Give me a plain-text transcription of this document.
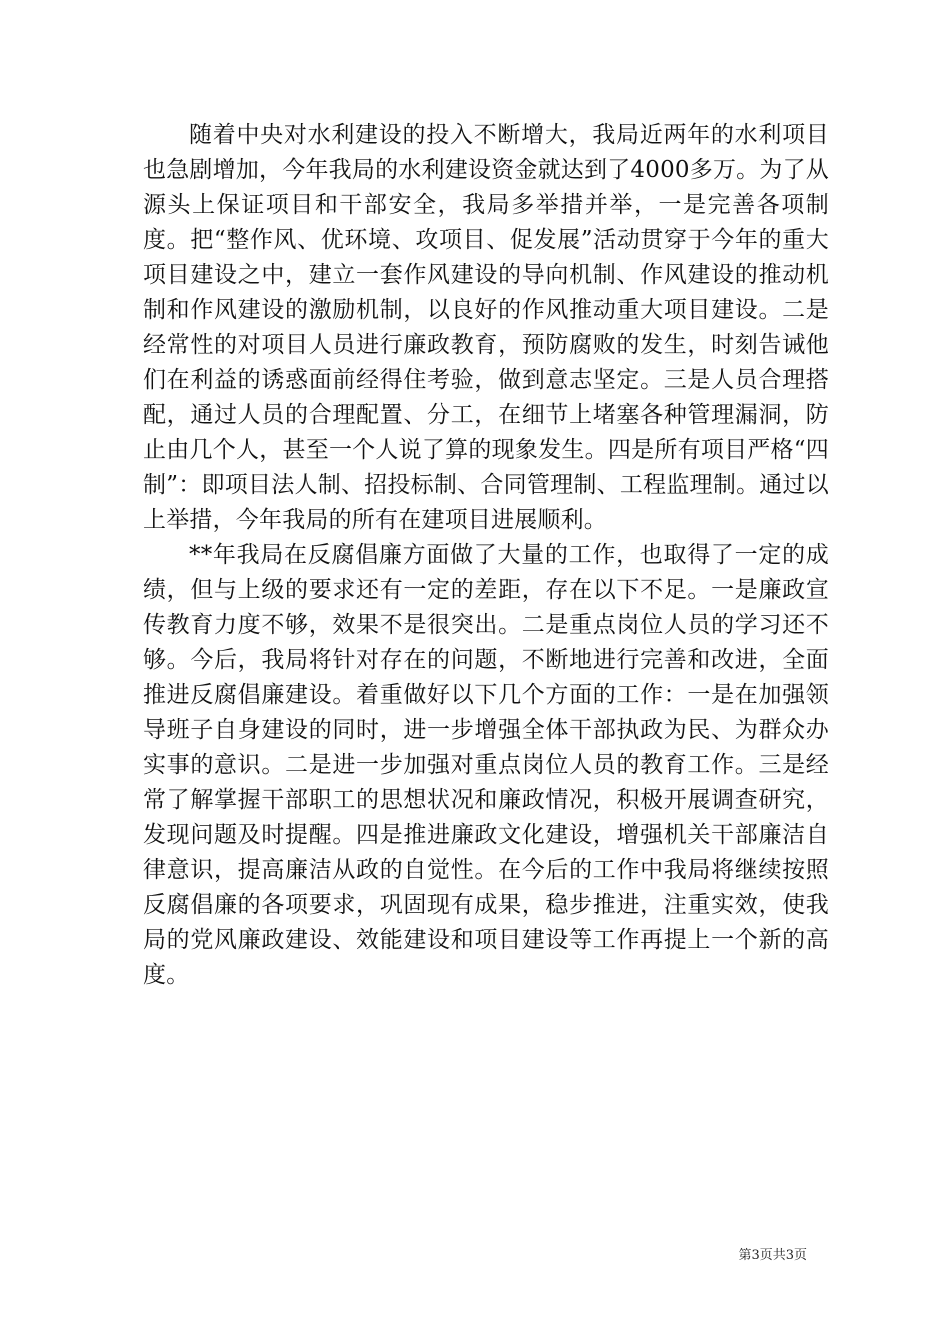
随着中央对水利建设的投入不断增大，我局近两年的水利项目也急剧增加，今年我局的水利建设资金就达到了4000多万。为了从源头上保证项目和干部安全，我局多举措并举，一是完善各项制度。把“整作风、优环境、攻项目、促发展”活动贯穿于今年的重大项目建设之中，建立一套作风建设的导向机制、作风建设的推动机制和作风建设的激励机制，以良好的作风推动重大项目建设。二是经常性的对项目人员进行廉政教育，预防腐败的发生，时刻告诫他们在利益的诱惑面前经得住考验，做到意志坚定。三是人员合理搭配，通过人员的合理配置、分工，在细节上堵塞各种管理漏洞，防止由几个人，甚至一个人说了算的现象发生。四是所有项目严格“四制”：即项目法人制、招投标制、合同管理制、工程监理制。通过以上举措，今年我局的所有在建项目进展顺利。

**年我局在反腐倡廉方面做了大量的工作，也取得了一定的成绩，但与上级的要求还有一定的差距，存在以下不足。一是廉政宣传教育力度不够，效果不是很突出。二是重点岗位人员的学习还不够。今后，我局将针对存在的问题，不断地进行完善和改进，全面推进反腐倡廉建设。着重做好以下几个方面的工作：一是在加强领导班子自身建设的同时，进一步增强全体干部执政为民、为群众办实事的意识。二是进一步加强对重点岗位人员的教育工作。三是经常了解掌握干部职工的思想状况和廉政情况，积极开展调查研究，发现问题及时提醒。四是推进廉政文化建设，增强机关干部廉洁自律意识，提高廉洁从政的自觉性。在今后的工作中我局将继续按照反腐倡廉的各项要求，巩固现有成果，稳步推进，注重实效，使我局的党风廉政建设、效能建设和项目建设等工作再提上一个新的高度。

第3页共3页
